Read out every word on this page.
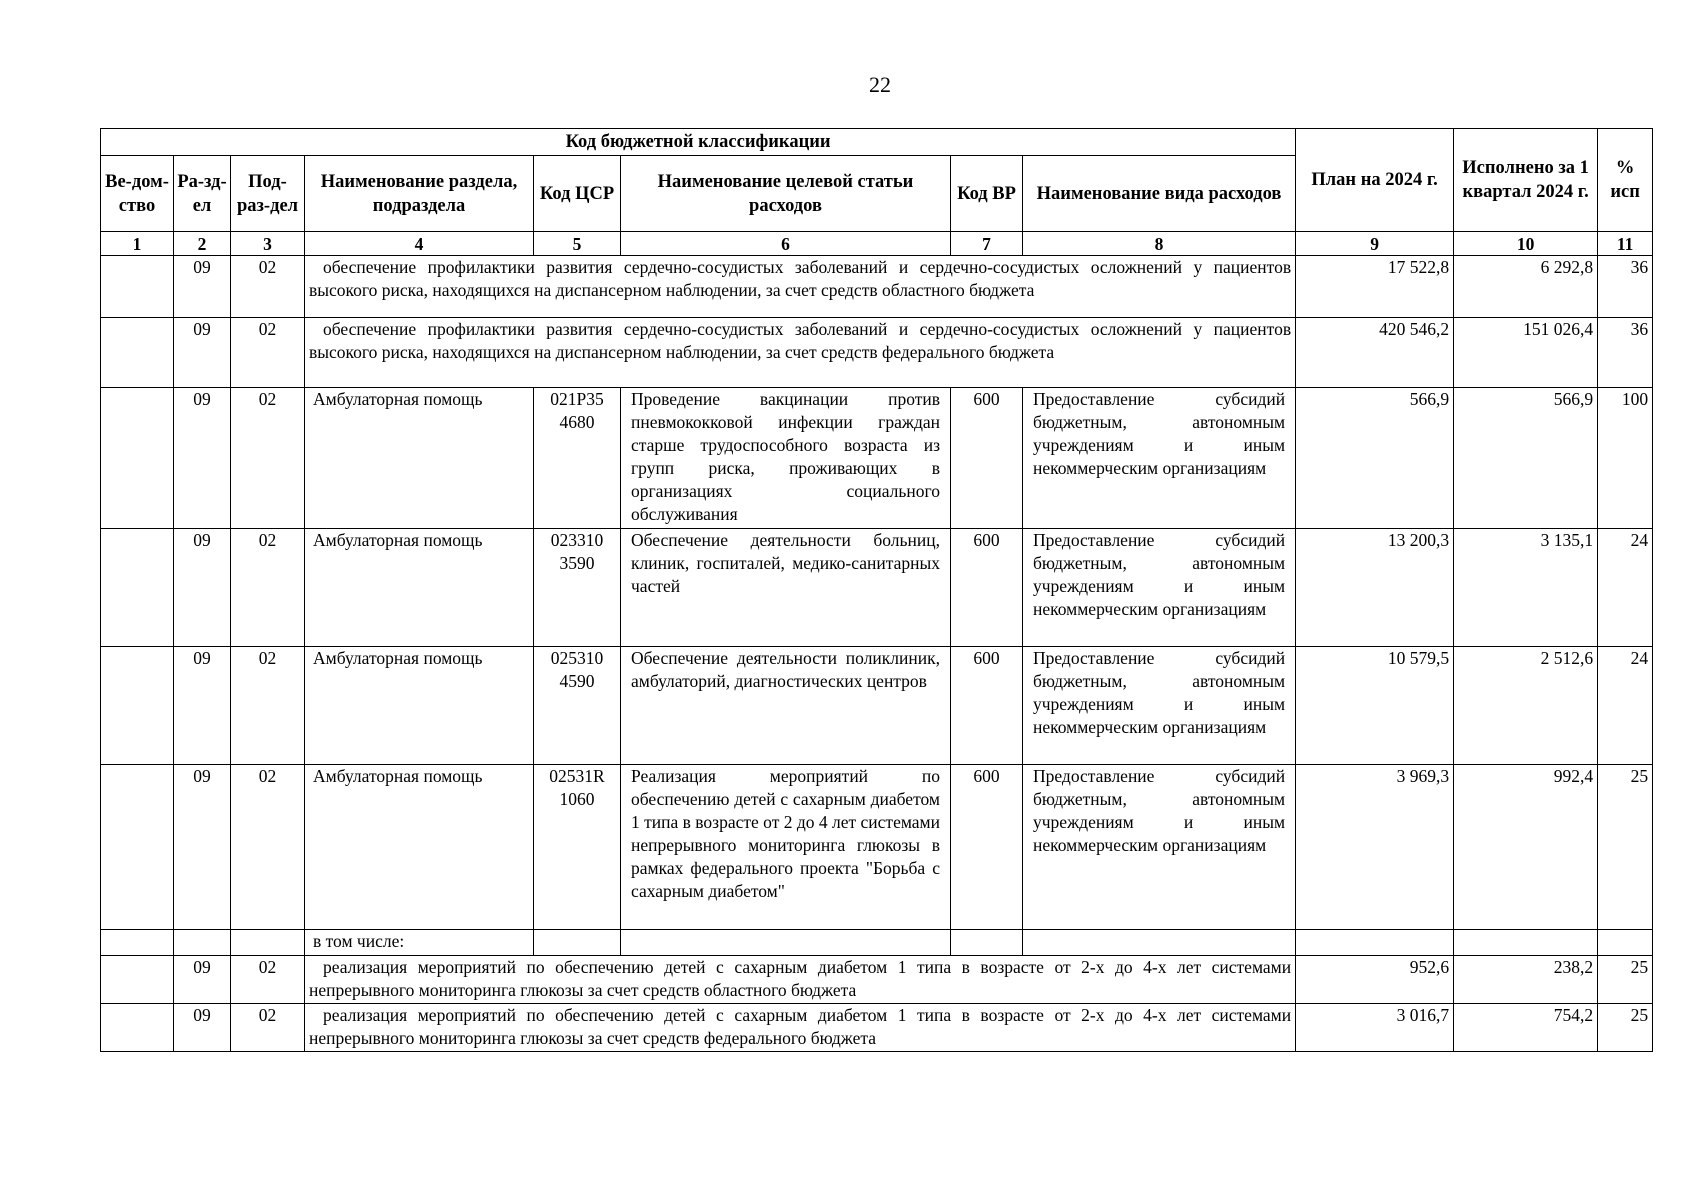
22
Код бюджетной классификации								План на 2024 г.	Исполнено за 1 квартал 2024 г.	% исп
Ве-дом-ство	Ра-зд-ел	Под-раз-дел	Наименование раздела, подраздела	Код ЦСР	Наименование целевой статьи расходов	Код ВР	Наименование вида расходов			
1	2	3	4	5	6	7	8	9	10	11
	09	02	обеспечение профилактики развития сердечно-сосудистых заболеваний и сердечно-сосудистых осложнений у пациентов высокого риска, находящихся на диспансерном наблюдении, за счет средств областного бюджета					17 522,8	6 292,8	36
	09	02	обеспечение профилактики развития сердечно-сосудистых заболеваний и сердечно-сосудистых осложнений у пациентов высокого риска, находящихся на диспансерном наблюдении, за счет средств федерального бюджета					420 546,2	151 026,4	36
	09	02	Амбулаторная помощь	021Р35 4680	Проведение вакцинации против пневмококковой инфекции граждан старше трудоспособного возраста из групп риска, проживающих в организациях социального обслуживания	600	Предоставление субсидий бюджетным, автономным учреждениям и иным некоммерческим организациям	566,9	566,9	100
	09	02	Амбулаторная помощь	023310 3590	Обеспечение деятельности больниц, клиник, госпиталей, медико-санитарных частей	600	Предоставление субсидий бюджетным, автономным учреждениям и иным некоммерческим организациям	13 200,3	3 135,1	24
	09	02	Амбулаторная помощь	025310 4590	Обеспечение деятельности поликлиник, амбулаторий, диагностических центров	600	Предоставление субсидий бюджетным, автономным учреждениям и иным некоммерческим организациям	10 579,5	2 512,6	24
	09	02	Амбулаторная помощь	02531R 1060	Реализация мероприятий по обеспечению детей с сахарным диабетом 1 типа в возрасте от 2 до 4 лет системами непрерывного мониторинга глюкозы в рамках федерального проекта "Борьба с сахарным диабетом"	600	Предоставление субсидий бюджетным, автономным учреждениям и иным некоммерческим организациям	3 969,3	992,4	25
			в том числе:							
	09	02	реализация мероприятий по обеспечению детей с сахарным диабетом 1 типа в возрасте от 2-х до 4-х лет системами непрерывного мониторинга глюкозы за счет средств областного бюджета					952,6	238,2	25
	09	02	реализация мероприятий по обеспечению детей с сахарным диабетом 1 типа в возрасте от 2-х до 4-х лет системами непрерывного мониторинга глюкозы за счет средств федерального бюджета					3 016,7	754,2	25
